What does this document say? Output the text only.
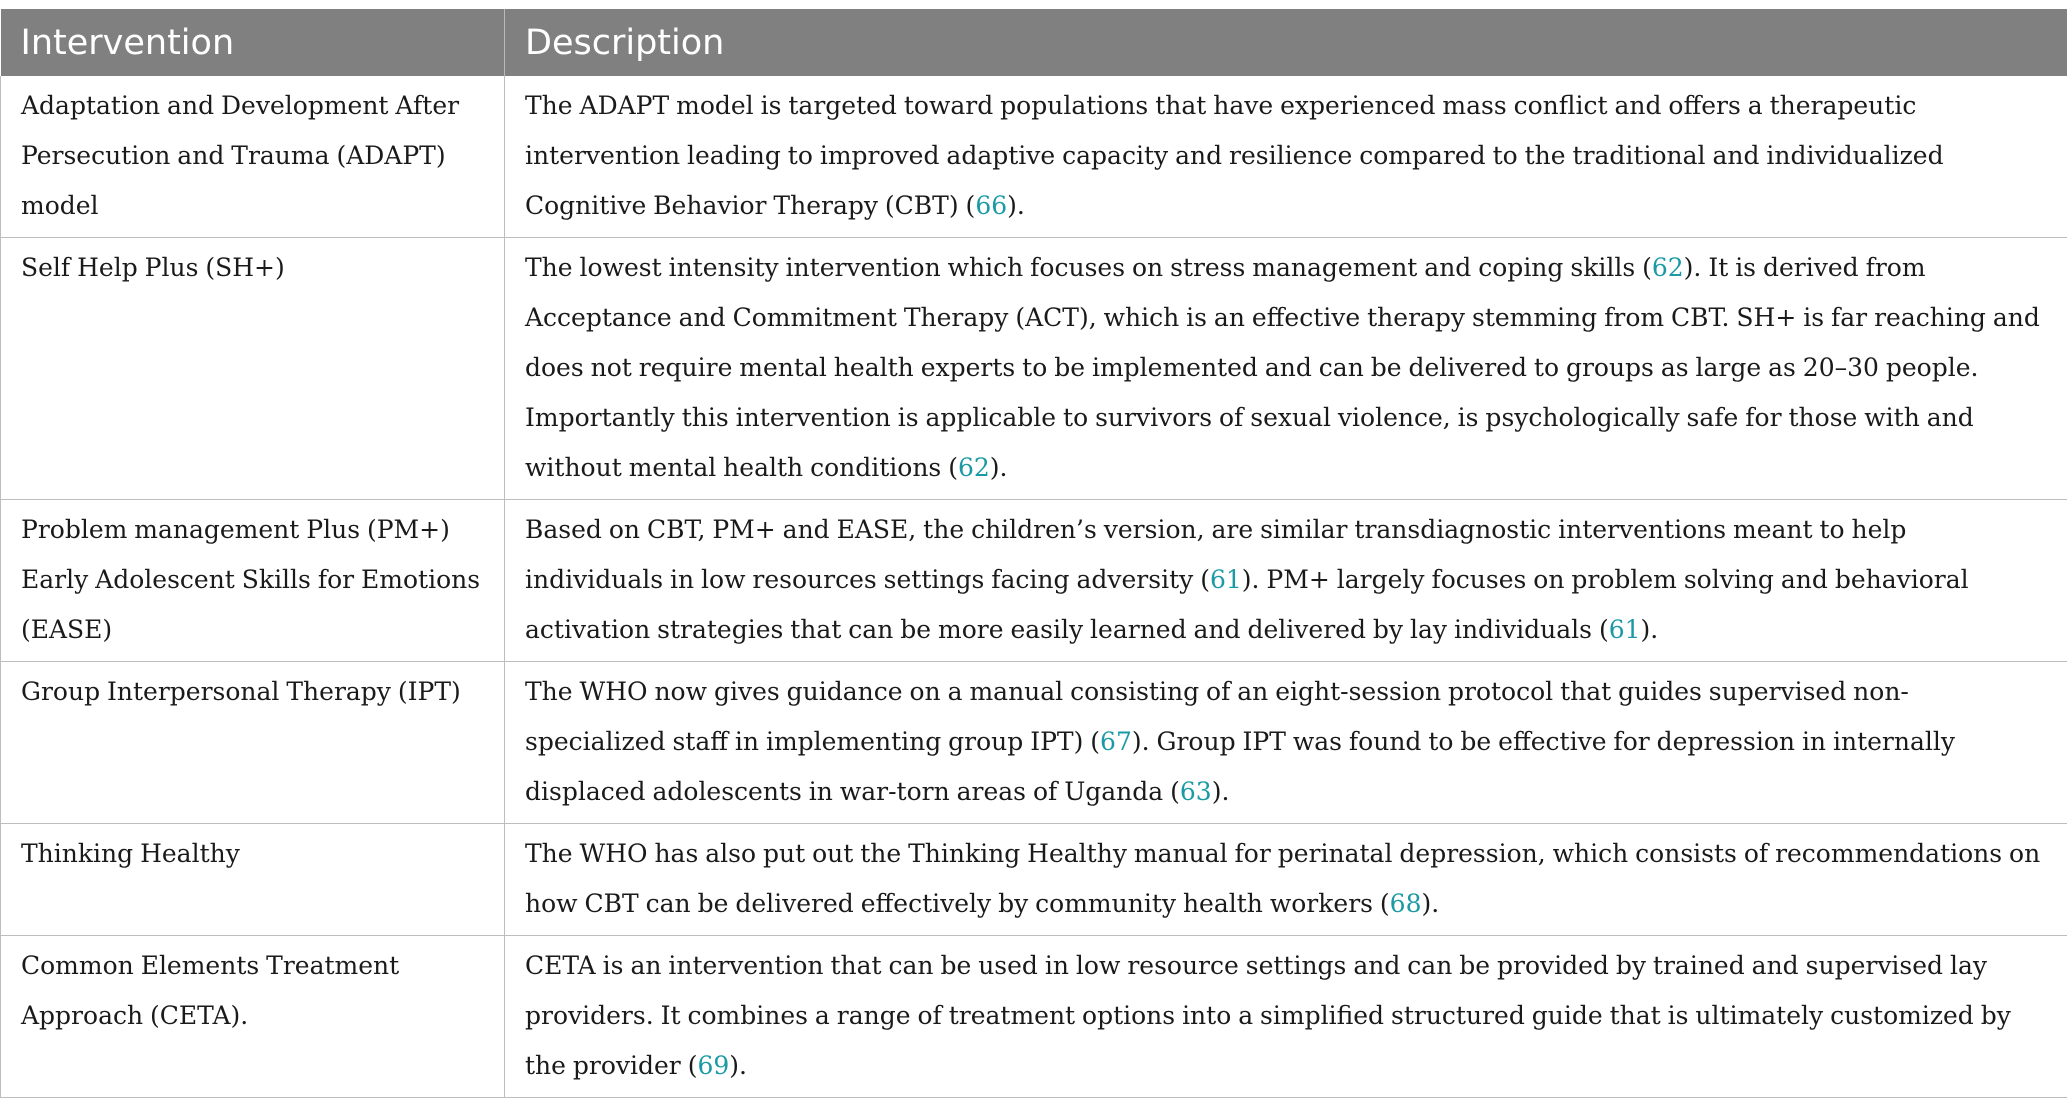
Intervention	Description
Adaptation and Development After Persecution and Trauma (ADAPT) model	The ADAPT model is targeted toward populations that have experienced mass conflict and offers a therapeutic intervention leading to improved adaptive capacity and resilience compared to the traditional and individualized Cognitive Behavior Therapy (CBT) (66).
Self Help Plus (SH+)	The lowest intensity intervention which focuses on stress management and coping skills (62). It is derived from Acceptance and Commitment Therapy (ACT), which is an effective therapy stemming from CBT. SH+ is far reaching and does not require mental health experts to be implemented and can be delivered to groups as large as 20–30 people. Importantly this intervention is applicable to survivors of sexual violence, is psychologically safe for those with and without mental health conditions (62).
Problem management Plus (PM+) Early Adolescent Skills for Emotions (EASE)	Based on CBT, PM+ and EASE, the children’s version, are similar transdiagnostic interventions meant to help individuals in low resources settings facing adversity (61). PM+ largely focuses on problem solving and behavioral activation strategies that can be more easily learned and delivered by lay individuals (61).
Group Interpersonal Therapy (IPT)	The WHO now gives guidance on a manual consisting of an eight-session protocol that guides supervised non-specialized staff in implementing group IPT) (67). Group IPT was found to be effective for depression in internally displaced adolescents in war-torn areas of Uganda (63).
Thinking Healthy	The WHO has also put out the Thinking Healthy manual for perinatal depression, which consists of recommendations on how CBT can be delivered effectively by community health workers (68).
Common Elements Treatment Approach (CETA).	CETA is an intervention that can be used in low resource settings and can be provided by trained and supervised lay providers. It combines a range of treatment options into a simplified structured guide that is ultimately customized by the provider (69).
